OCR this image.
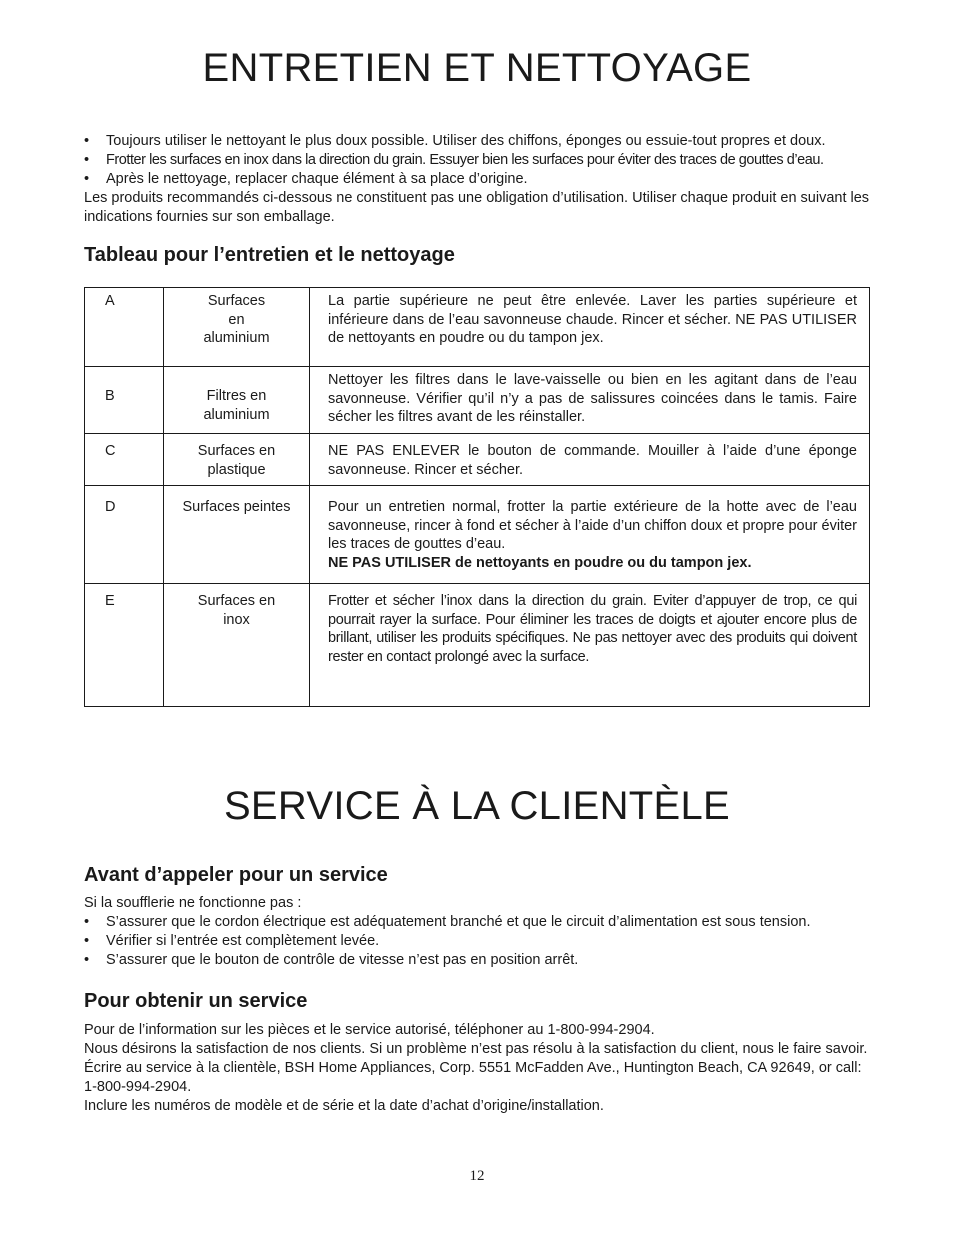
ENTRETIEN ET NETTOYAGE
• Toujours utiliser le nettoyant le plus doux possible. Utiliser des chiffons, éponges ou essuie-tout propres et doux.
• Frotter les surfaces en inox dans la direction du grain. Essuyer bien les surfaces pour éviter des traces de gouttes d’eau.
• Après le nettoyage, replacer chaque élément à sa place d’origine.
Les produits recommandés ci-dessous ne constituent pas une obligation d’utilisation. Utiliser chaque produit en suivant les indications fournies sur son emballage.
Tableau pour l’entretien et le nettoyage
A	Surfaces
en
aluminium	La partie supérieure ne peut être enlevée. Laver les parties supérieure et inférieure dans de l’eau savonneuse chaude. Rincer et sécher. NE PAS UTILISER de nettoyants en poudre ou du tampon jex.
B	Filtres en
aluminium	Nettoyer les filtres dans le lave-vaisselle ou bien en les agitant dans de l’eau savonneuse. Vérifier qu’il n’y a pas de salissures coincées dans le tamis. Faire sécher les filtres avant de les réinstaller.
C	Surfaces en
plastique	NE PAS ENLEVER le bouton de commande. Mouiller à l’aide d’une éponge savonneuse. Rincer et sécher.
D	Surfaces peintes	Pour un entretien normal, frotter la partie extérieure de la hotte avec de l’eau savonneuse, rincer à fond et sécher à l’aide d’un chiffon doux et propre pour éviter les traces de gouttes d’eau.
NE PAS UTILISER de nettoyants en poudre ou du tampon jex.

E	Surfaces en
inox	Frotter et sécher l’inox dans la direction du grain. Eviter d’appuyer de trop, ce qui pourrait rayer la surface. Pour éliminer les traces de doigts et ajouter encore plus de brillant, utiliser les produits spécifiques. Ne pas nettoyer avec des produits qui doivent rester en contact prolongé avec la surface.
SERVICE À LA CLIENTÈLE
Avant d’appeler pour un service
Si la soufflerie ne fonctionne pas :
• S’assurer que le cordon électrique est adéquatement branché et que le circuit d’alimentation est sous tension.
• Vérifier si l’entrée est complètement levée.
• S’assurer que le bouton de contrôle de vitesse n’est pas en position arrêt.
Pour obtenir un service
Pour de l’information sur les pièces et le service autorisé, téléphoner au 1-800-994-2904.
Nous désirons la satisfaction de nos clients. Si un problème n’est pas résolu à la satisfaction du client, nous le faire savoir.
Écrire au service à la clientèle, BSH Home Appliances, Corp. 5551 McFadden Ave., Huntington Beach, CA 92649, or call: 1-800-994-2904.
Inclure les numéros de modèle et de série et la date d’achat d’origine/installation.
12
